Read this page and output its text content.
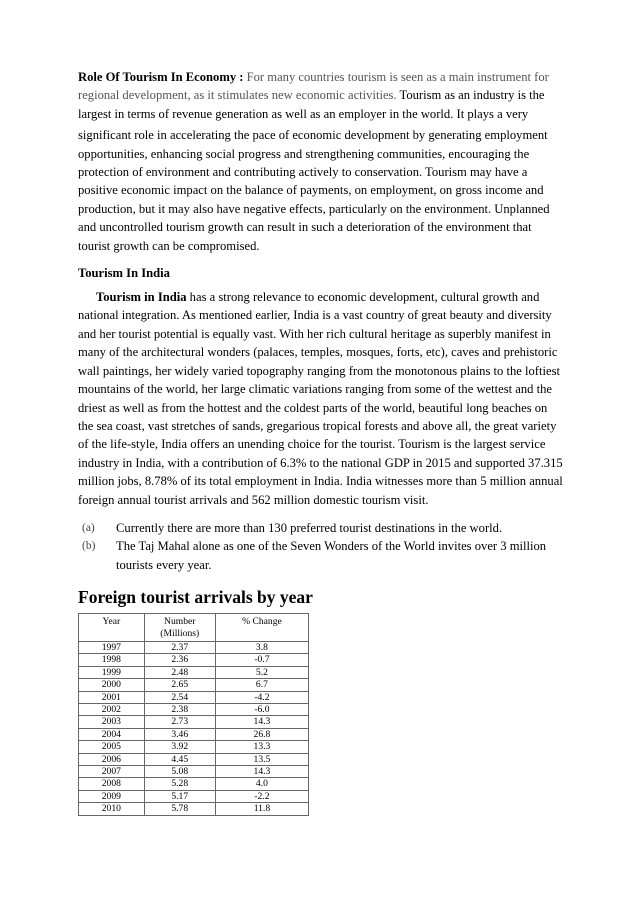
Role Of Tourism In Economy : For many countries tourism is seen as a main instrument for regional development, as it stimulates new economic activities. Tourism as an industry is the largest in terms of revenue generation as well as an employer in the world. It plays a very

significant role in accelerating the pace of economic development by generating employment opportunities, enhancing social progress and strengthening communities, encouraging the protection of environment and contributing actively to conservation. Tourism may have a positive economic impact on the balance of payments, on employment, on gross income and production, but it may also have negative effects, particularly on the environment. Unplanned and uncontrolled tourism growth can result in such a deterioration of the environment that tourist growth can be compromised.

Tourism In India

Tourism in India has a strong relevance to economic development, cultural growth and national integration. As mentioned earlier, India is a vast country of great beauty and diversity and her tourist potential is equally vast. With her rich cultural heritage as superbly manifest in many of the architectural wonders (palaces, temples, mosques, forts, etc), caves and prehistoric wall paintings, her widely varied topography ranging from the monotonous plains to the loftiest mountains of the world, her large climatic variations ranging from some of the wettest and the driest as well as from the hottest and the coldest parts of the world, beautiful long beaches on the sea coast, vast stretches of sands, gregarious tropical forests and above all, the great variety of the life-style, India offers an unending choice for the tourist. Tourism is the largest service industry in India, with a contribution of 6.3% to the national GDP in 2015 and supported 37.315 million jobs, 8.78% of its total employment in India. India witnesses more than 5 million annual foreign annual tourist arrivals and 562 million domestic tourism visit.

(a) Currently there are more than 130 preferred tourist destinations in the world.
(b) The Taj Mahal alone as one of the Seven Wonders of the World invites over 3 million tourists every year.
Foreign tourist arrivals by year
Year	Number (Millions)	% Change
1997	2.37	3.8
1998	2.36	-0.7
1999	2.48	5.2
2000	2.65	6.7
2001	2.54	-4.2
2002	2.38	-6.0
2003	2.73	14.3
2004	3.46	26.8
2005	3.92	13.3
2006	4.45	13.5
2007	5.08	14.3
2008	5.28	4.0
2009	5.17	-2.2
2010	5.78	11.8
